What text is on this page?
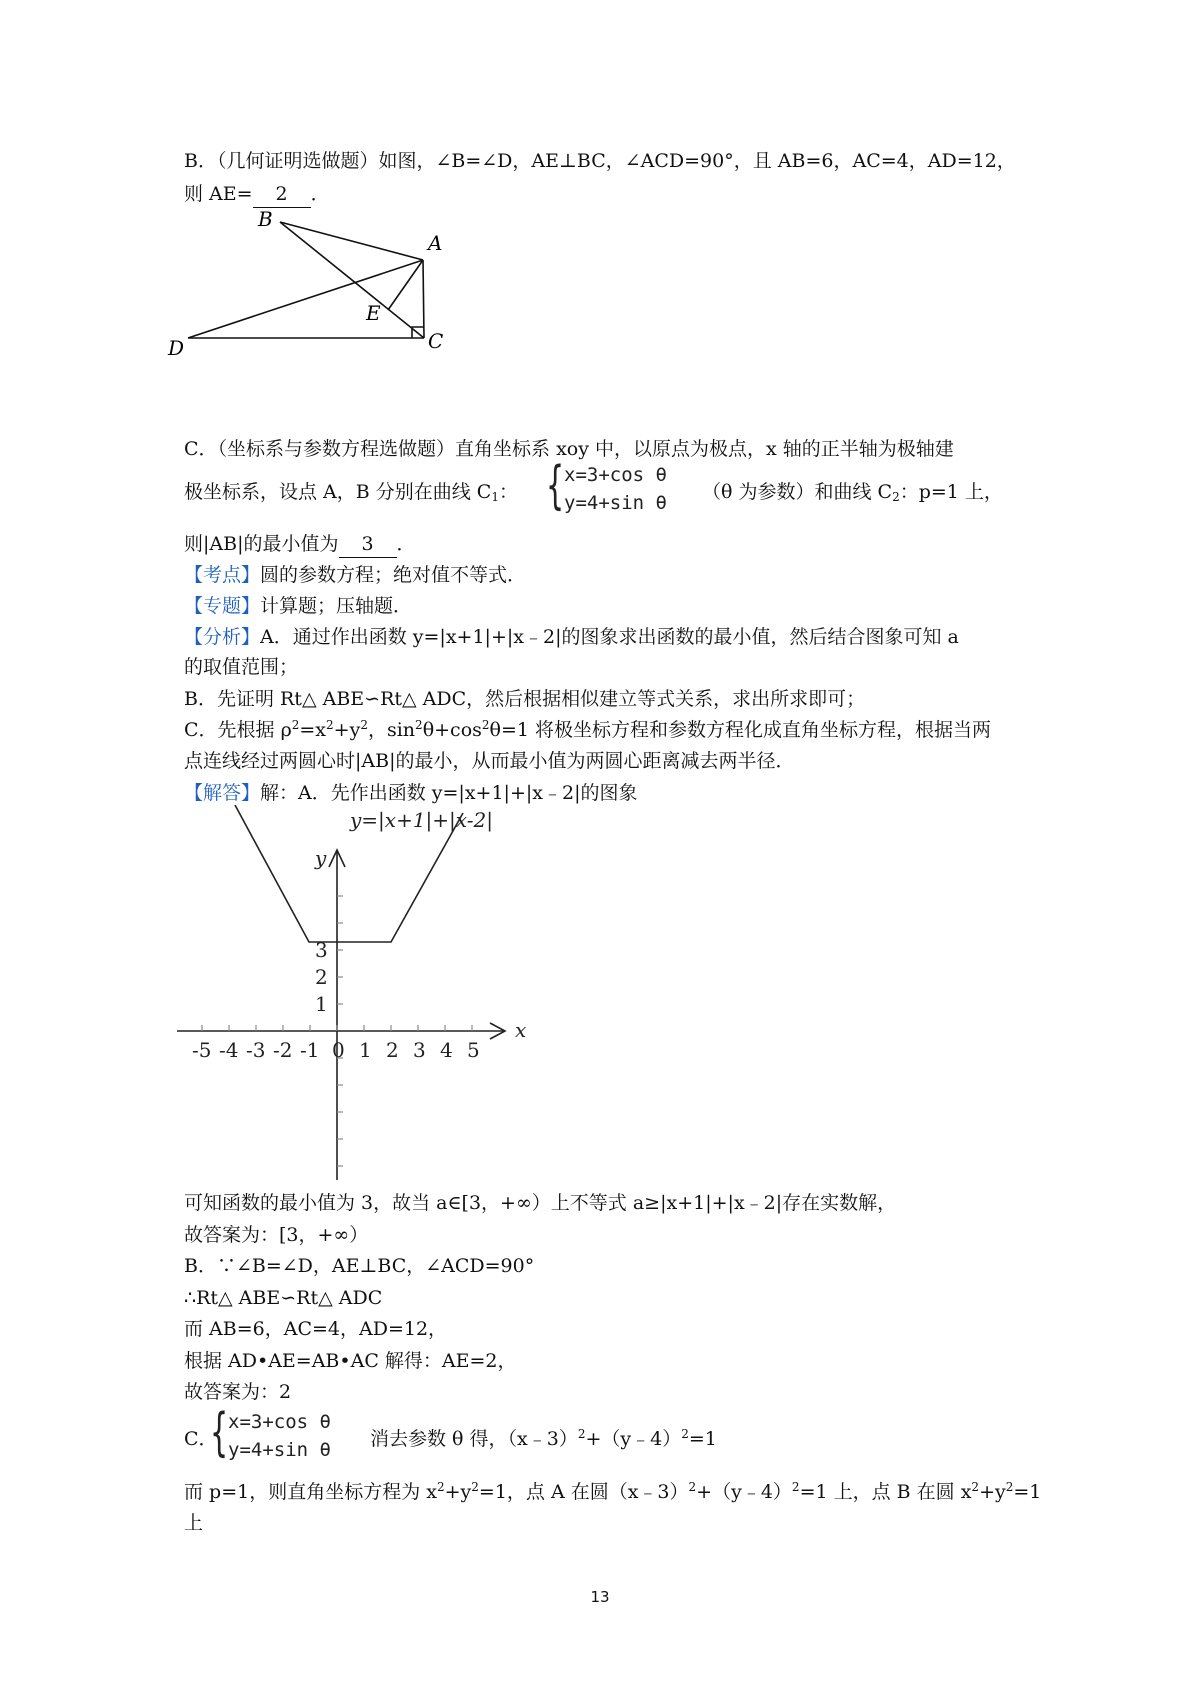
B．（几何证明选做题）如图，∠B=∠D，AE⊥BC，∠ACD=90°，且 AB=6，AC=4，AD=12，
则 AE= 2 ．
B
A
E
D	C
C．（坐标系与参数方程选做题）直角坐标系 xoy 中，以原点为极点，x 轴的正半轴为极轴建
极坐标系，设点 A，B 分别在曲线 $C_1$： { x=3+cos θ
y=4+sin θ （θ 为参数）和曲线 $C_2$：p=1 上，
则|AB|的最小值为 3 ．
【考点】圆的参数方程；绝对值不等式．
【专题】计算题；压轴题．
【分析】A．通过作出函数 y=|x+1|+|x﹣2|的图象求出函数的最小值，然后结合图象可知 a
的取值范围；
B．先证明 Rt△ ABE∽Rt△ ADC，然后根据相似建立等式关系，求出所求即可；
C．先根据 $\rho^2=x^2+y^2$，$\sin^2\theta+\cos^2\theta=1$ 将极坐标方程和参数方程化成直角坐标方程，根据当两
点连线经过两圆心时|AB|的最小，从而最小值为两圆心距离减去两半径．
【解答】解：A．先作出函数 y=|x+1|+|x﹣2|的图象
y=|x+1|+|x-2|
y
x
-5 -4 -3 -2 -1 0 1 2 3 4 5
1
2
3
可知函数的最小值为 3，故当 a∈[3，+∞）上不等式 a≥|x+1|+|x﹣2|存在实数解，
故答案为：[3，+∞）
B．∵∠B=∠D，AE⊥BC，∠ACD=90°
∴Rt△ ABE∽Rt△ ADC
而 AB=6，AC=4，AD=12，
根据 AD•AE=AB•AC 解得：AE=2，
故答案为：2
C．
{ x=3+cos θ
y=4+sin θ 消去参数 θ 得，（x﹣3）$^2$+（y﹣4）$^2$=1
而 p=1，则直角坐标方程为 $x^2+y^2=1$，点 A 在圆（x﹣3）$^2$+（y﹣4）$^2$=1 上，点 B 在圆 $x^2+y^2=1$
上
13
